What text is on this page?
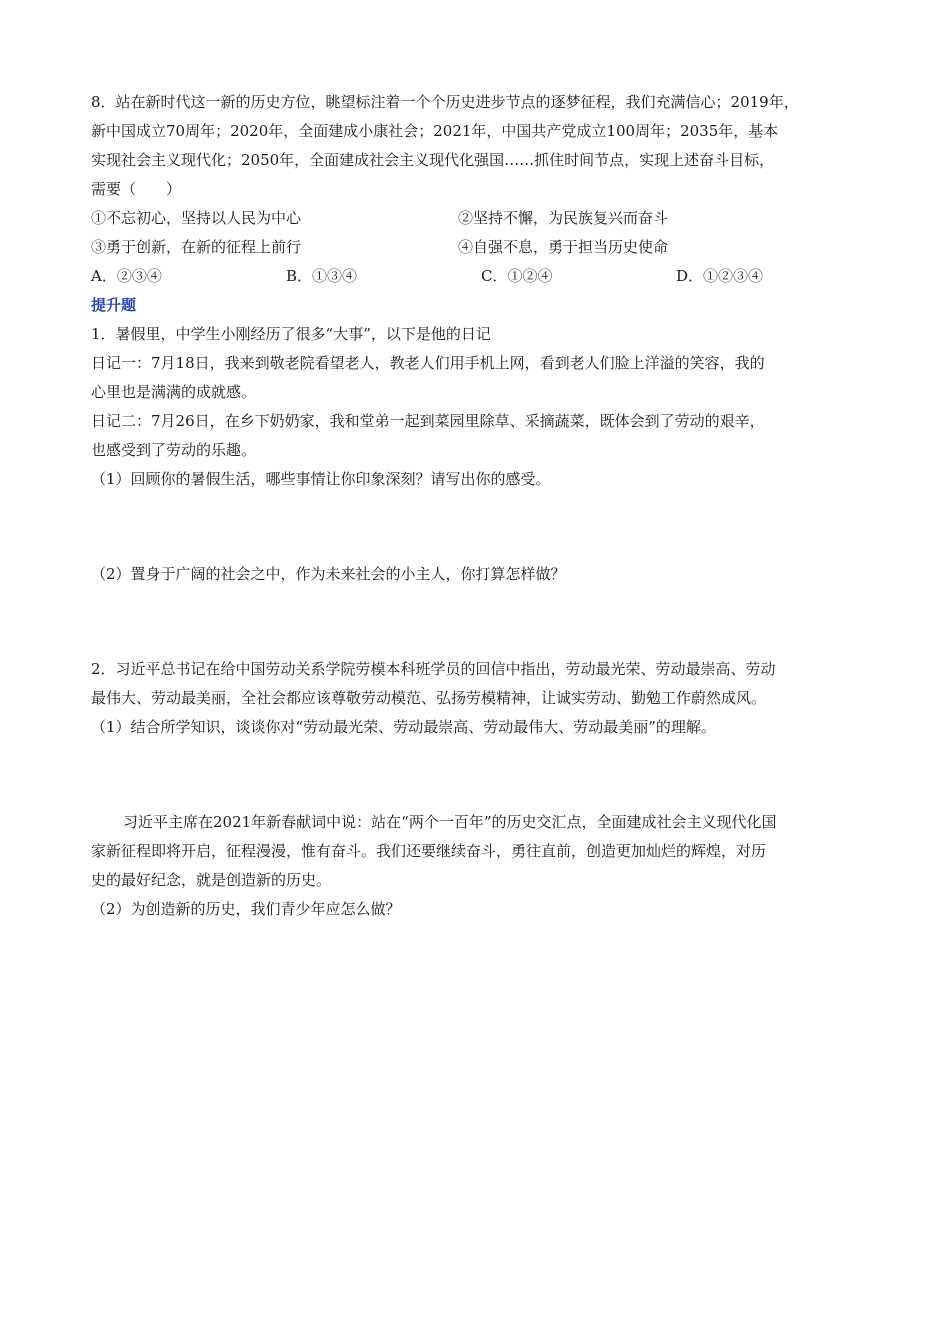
8．站在新时代这一新的历史方位，眺望标注着一个个历史进步节点的逐梦征程，我们充满信心；2019年，
新中国成立70周年；2020年，全面建成小康社会；2021年，中国共产党成立100周年；2035年，基本
实现社会主义现代化；2050年，全面建成社会主义现代化强国……抓住时间节点，实现上述奋斗目标，
需要（　　）
①不忘初心，坚持以人民为中心	②坚持不懈，为民族复兴而奋斗
③勇于创新，在新的征程上前行	④自强不息，勇于担当历史使命
A．②③④	B．①③④	C．①②④	D．①②③④
提升题
1．暑假里，中学生小刚经历了很多“大事”，以下是他的日记
日记一：7月18日，我来到敬老院看望老人，教老人们用手机上网，看到老人们脸上洋溢的笑容，我的
心里也是满满的成就感。
日记二：7月26日，在乡下奶奶家，我和堂弟一起到菜园里除草、采摘蔬菜，既体会到了劳动的艰辛，
也感受到了劳动的乐趣。
（1）回顾你的暑假生活，哪些事情让你印象深刻？请写出你的感受。
（2）置身于广阔的社会之中，作为未来社会的小主人，你打算怎样做？
2．习近平总书记在给中国劳动关系学院劳模本科班学员的回信中指出，劳动最光荣、劳动最崇高、劳动
最伟大、劳动最美丽，全社会都应该尊敬劳动模范、弘扬劳模精神，让诚实劳动、勤勉工作蔚然成风。
（1）结合所学知识，谈谈你对“劳动最光荣、劳动最崇高、劳动最伟大、劳动最美丽”的理解。
习近平主席在2021年新春献词中说：站在“两个一百年”的历史交汇点，全面建成社会主义现代化国
家新征程即将开启，征程漫漫，惟有奋斗。我们还要继续奋斗，勇往直前，创造更加灿烂的辉煌，对历
史的最好纪念，就是创造新的历史。
（2）为创造新的历史，我们青少年应怎么做？
